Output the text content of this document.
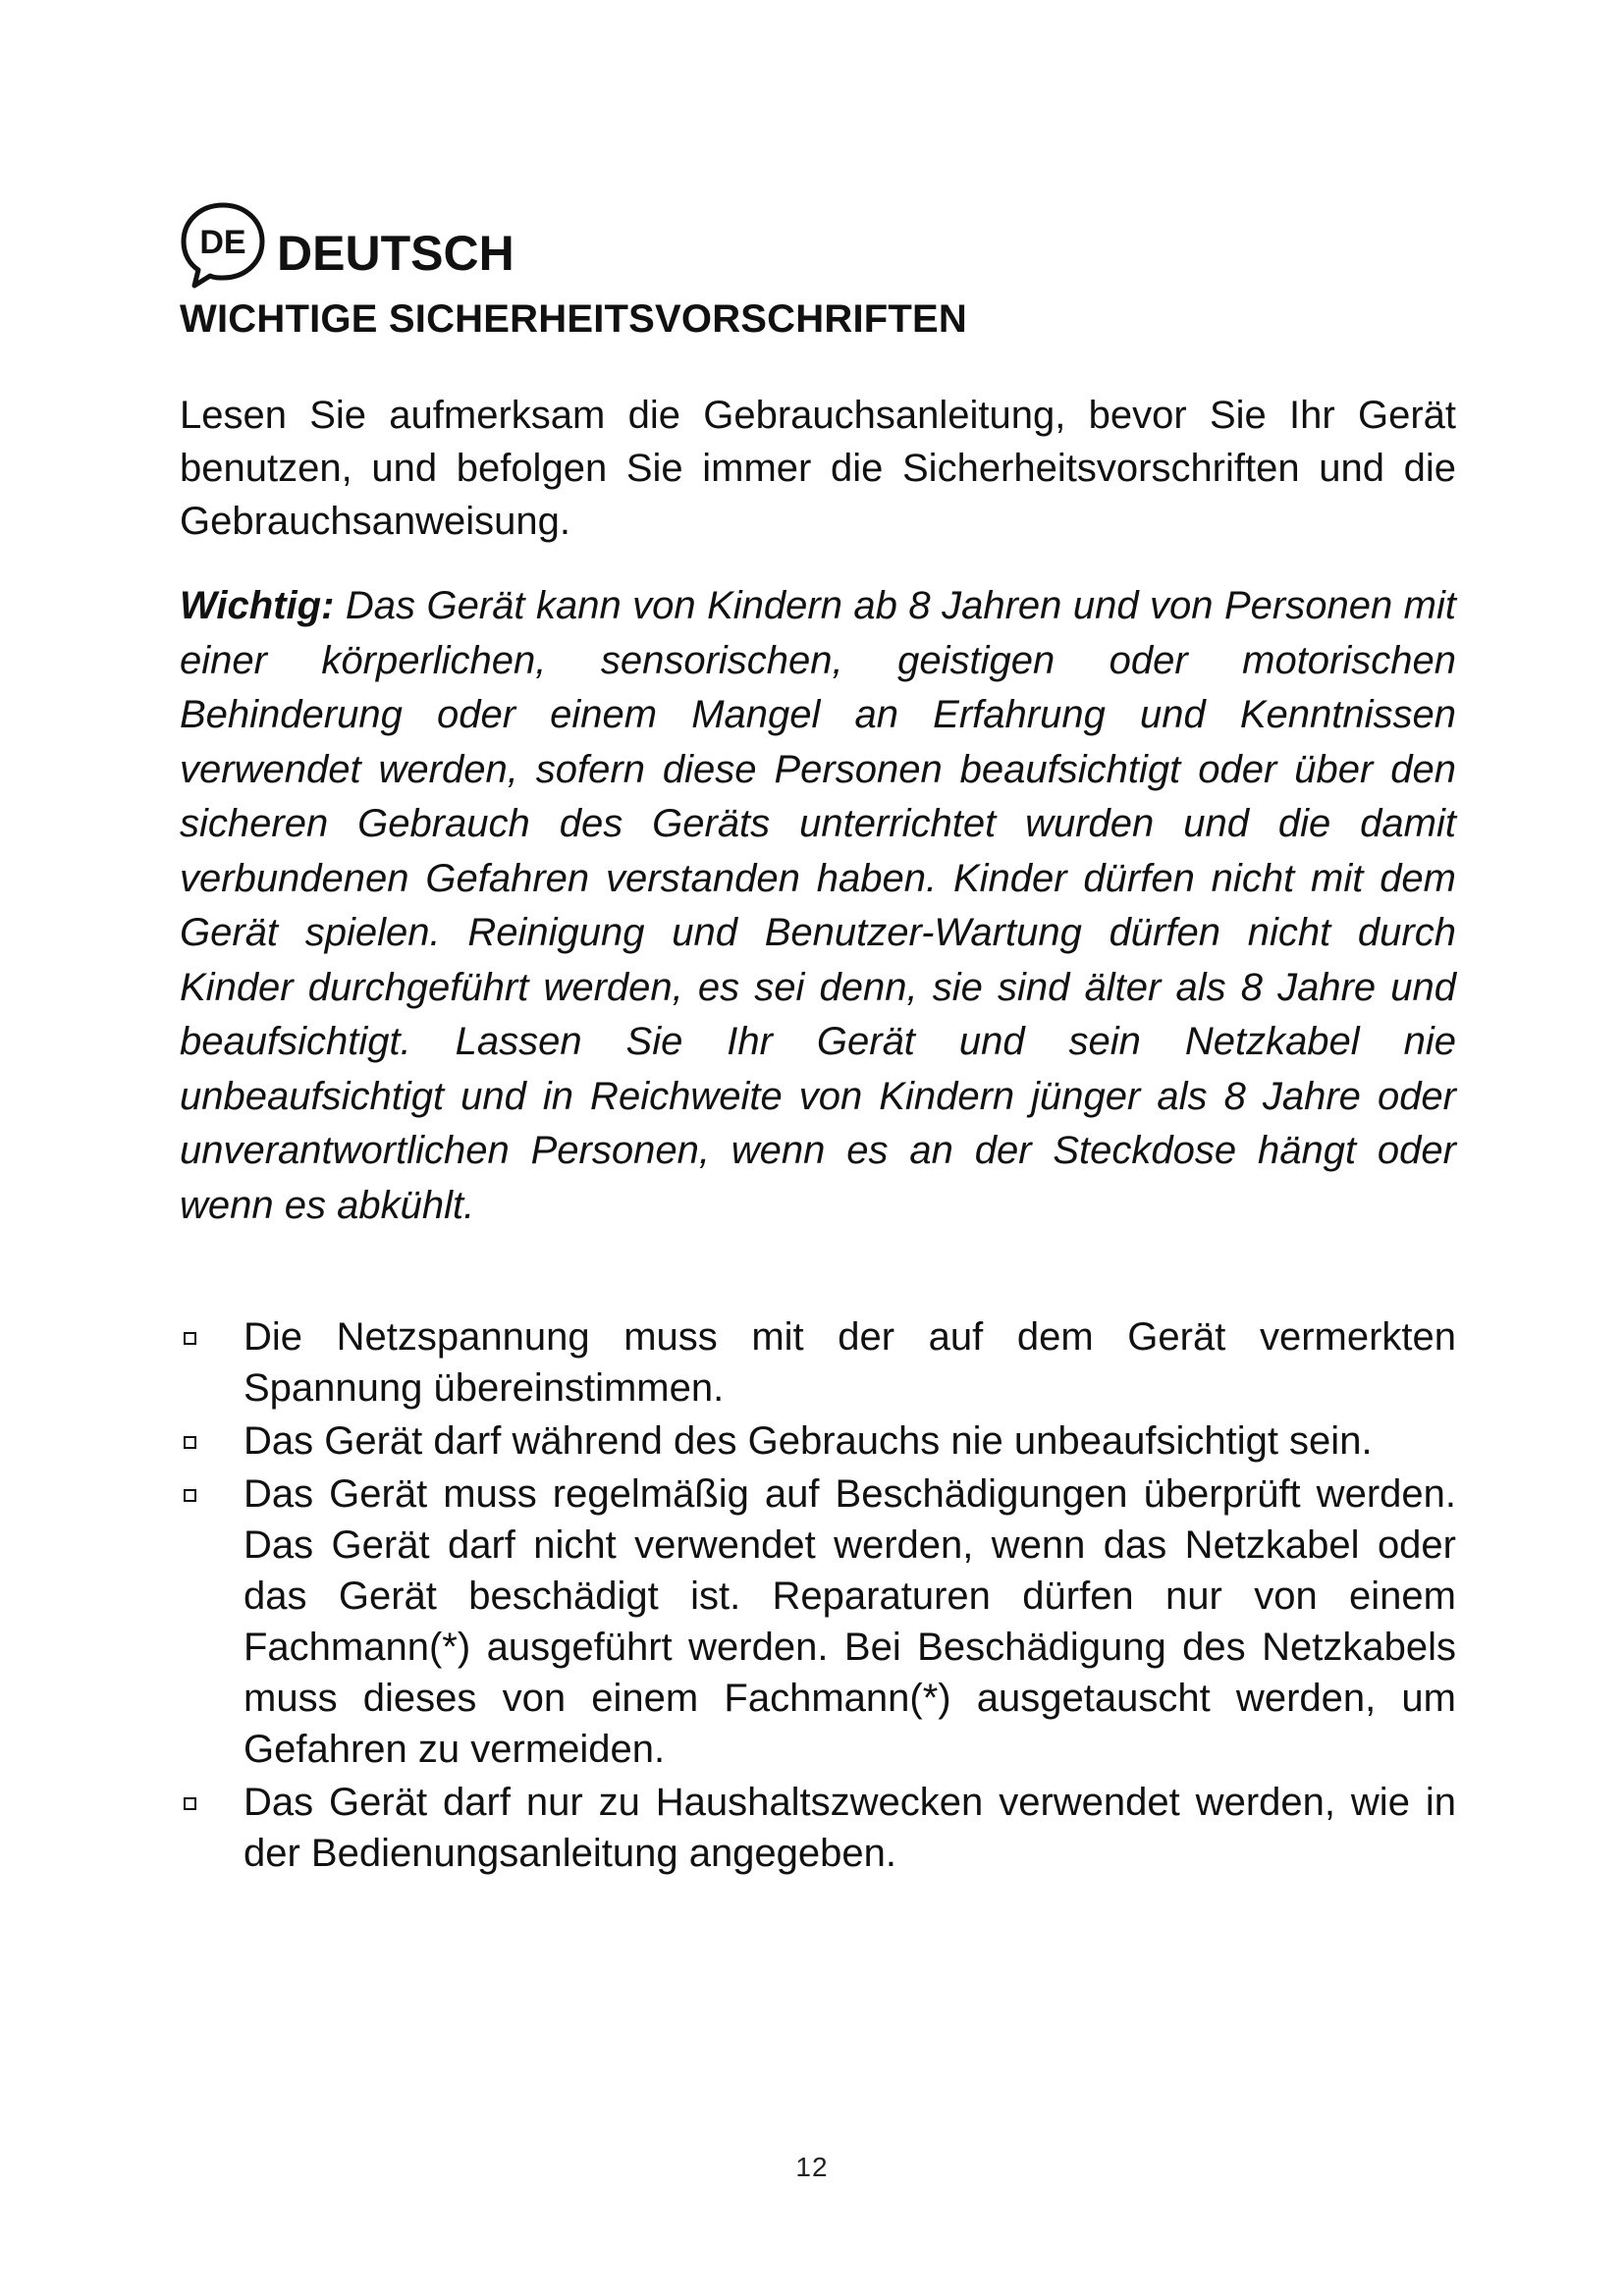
DE DEUTSCH
WICHTIGE SICHERHEITSVORSCHRIFTEN

Lesen Sie aufmerksam die Gebrauchsanleitung, bevor Sie Ihr Gerät benutzen, und befolgen Sie immer die Sicherheitsvorschriften und die Gebrauchsanweisung.

Wichtig: Das Gerät kann von Kindern ab 8 Jahren und von Personen mit einer körperlichen, sensorischen, geistigen oder motorischen Behinderung oder einem Mangel an Erfahrung und Kenntnissen verwendet werden, sofern diese Personen beaufsichtigt oder über den sicheren Gebrauch des Geräts unterrichtet wurden und die damit verbundenen Gefahren verstanden haben. Kinder dürfen nicht mit dem Gerät spielen. Reinigung und Benutzer-Wartung dürfen nicht durch Kinder durchgeführt werden, es sei denn, sie sind älter als 8 Jahre und beaufsichtigt. Lassen Sie Ihr Gerät und sein Netzkabel nie unbeaufsichtigt und in Reichweite von Kindern jünger als 8 Jahre oder unverantwortlichen Personen, wenn es an der Steckdose hängt oder wenn es abkühlt.

Die Netzspannung muss mit der auf dem Gerät vermerkten Spannung übereinstimmen.
Das Gerät darf während des Gebrauchs nie unbeaufsichtigt sein.
Das Gerät muss regelmäßig auf Beschädigungen überprüft werden. Das Gerät darf nicht verwendet werden, wenn das Netzkabel oder das Gerät beschädigt ist. Reparaturen dürfen nur von einem Fachmann(*) ausgeführt werden. Bei Beschädigung des Netzkabels muss dieses von einem Fachmann(*) ausgetauscht werden, um Gefahren zu vermeiden.
Das Gerät darf nur zu Haushaltszwecken verwendet werden, wie in der Bedienungsanleitung angegeben.
12
